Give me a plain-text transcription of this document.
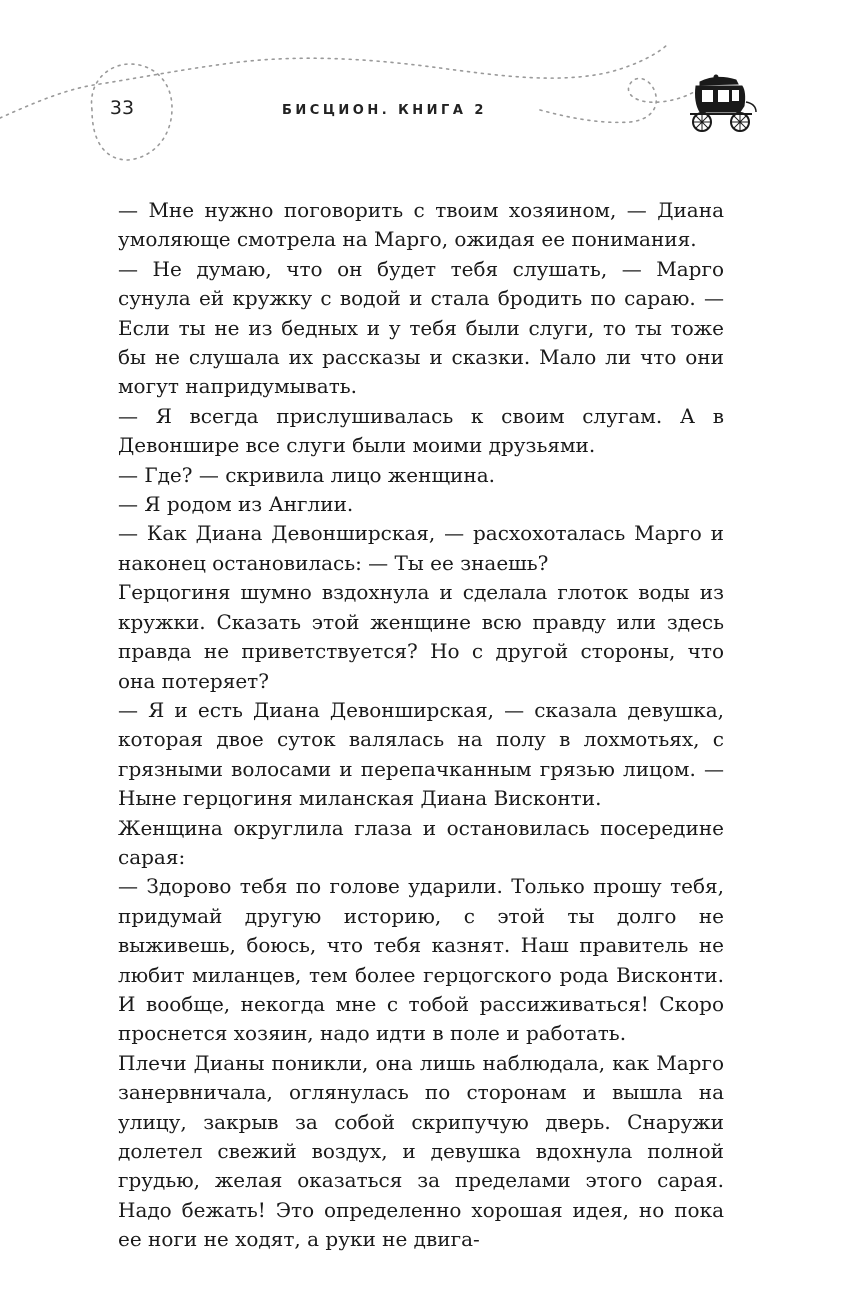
33	БИСЦИОН. КНИГА 2

— Мне нужно поговорить с твоим хозяином, — Диана умоляюще смотрела на Марго, ожидая ее понимания.

— Не думаю, что он будет тебя слушать, — Марго сунула ей кружку с водой и стала бродить по сараю. — Если ты не из бедных и у тебя были слуги, то ты тоже бы не слушала их рассказы и сказки. Мало ли что они могут напридумывать.

— Я всегда прислушивалась к своим слугам. А в Девоншире все слуги были моими друзьями.

— Где? — скривила лицо женщина.

— Я родом из Англии.

— Как Диана Девонширская, — расхохоталась Марго и наконец остановилась: — Ты ее знаешь?

Герцогиня шумно вздохнула и сделала глоток воды из кружки. Сказать этой женщине всю правду или здесь правда не приветствуется? Но с другой стороны, что она потеряет?

— Я и есть Диана Девонширская, — сказала девушка, которая двое суток валялась на полу в лохмотьях, с грязными волосами и перепачканным грязью лицом. — Ныне герцогиня миланская Диана Висконти.

Женщина округлила глаза и остановилась посередине сарая:

— Здорово тебя по голове ударили. Только прошу тебя, придумай другую историю, с этой ты долго не выживешь, боюсь, что тебя казнят. Наш правитель не любит миланцев, тем более герцогского рода Висконти. И вообще, некогда мне с тобой рассиживаться! Скоро проснется хозяин, надо идти в поле и работать.

Плечи Дианы поникли, она лишь наблюдала, как Марго занервничала, оглянулась по сторонам и вышла на улицу, закрыв за собой скрипучую дверь. Снаружи долетел свежий воздух, и девушка вдохнула полной грудью, желая оказаться за пределами этого сарая. Надо бежать! Это определенно хорошая идея, но пока ее ноги не ходят, а руки не двига-
